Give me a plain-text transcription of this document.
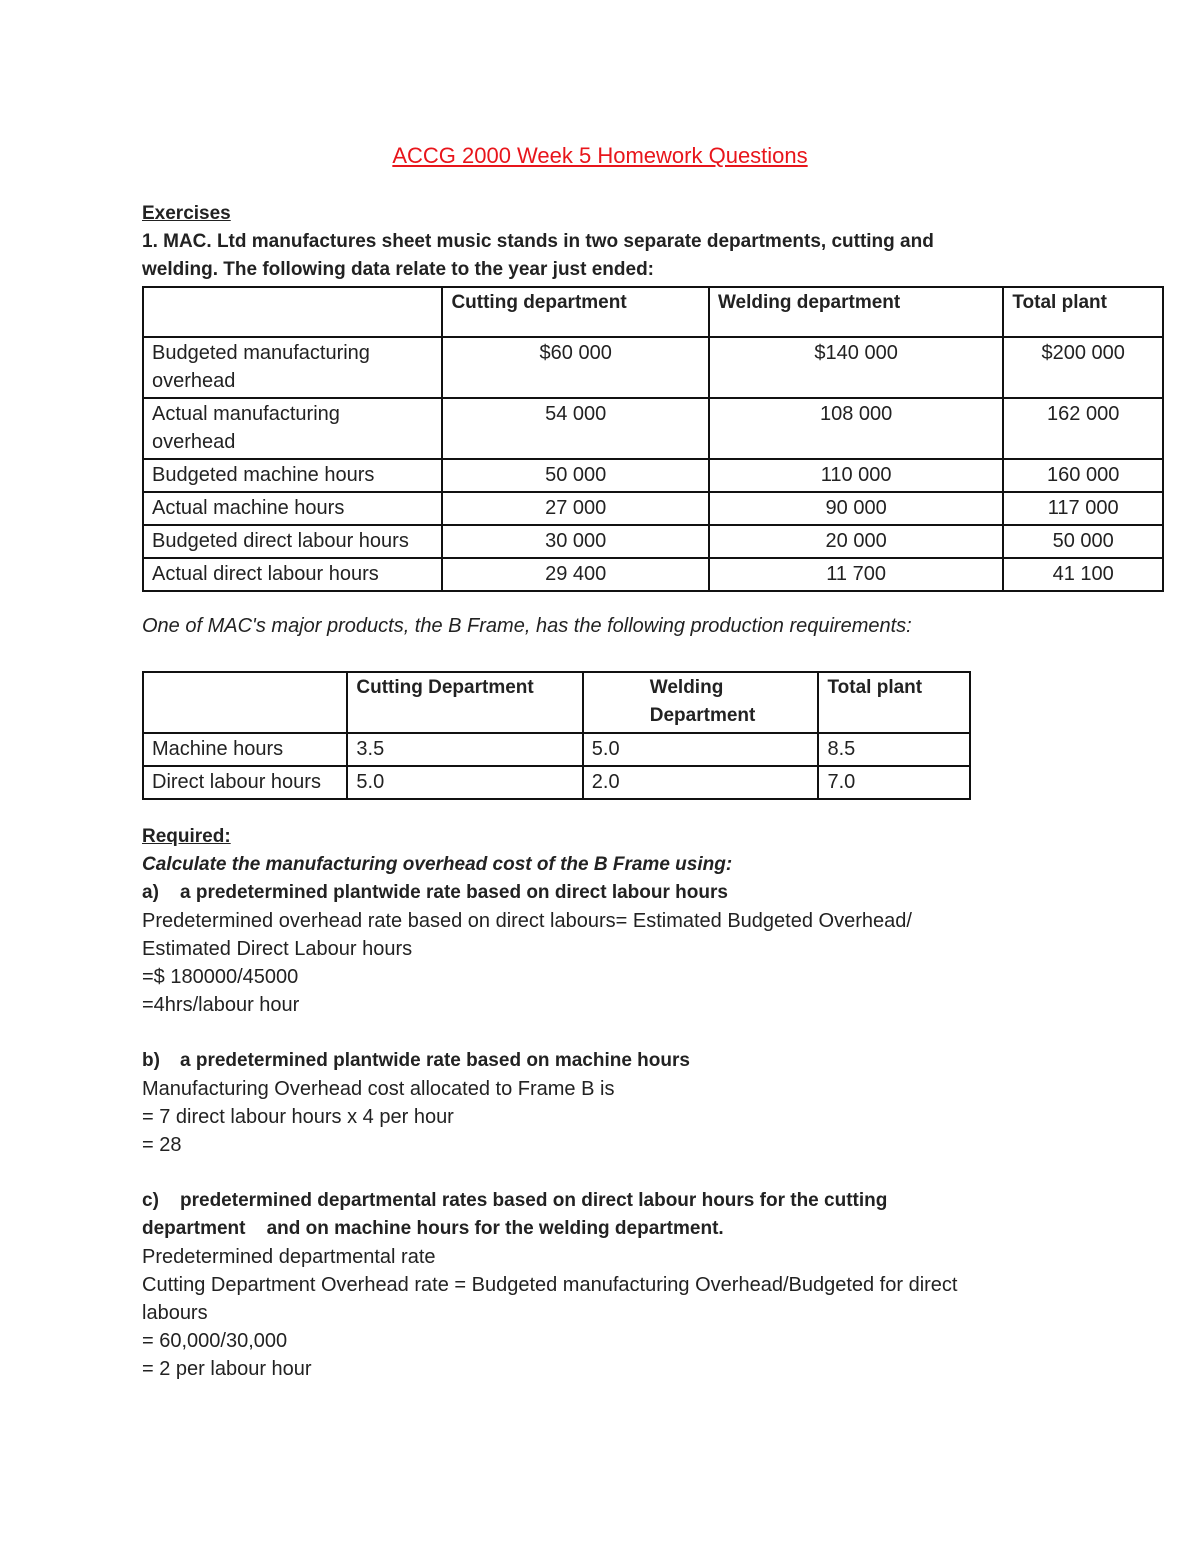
ACCG 2000 Week 5 Homework Questions
Exercises
1. MAC. Ltd manufactures sheet music stands in two separate departments, cutting and
welding. The following data relate to the year just ended:
	Cutting department	Welding department	Total plant

Budgeted manufacturing
overhead	$60 000	$140 000	$200 000

Actual manufacturing
overhead	54 000	108 000	162 000
Budgeted machine hours	50 000	110 000	160 000
Actual machine hours	27 000	90 000	117 000
Budgeted direct labour hours	30 000	20 000	50 000
Actual direct labour hours	29 400	11 700	41 100
One of MAC's major products, the B Frame, has the following production requirements:
	Cutting Department	Welding
Department	Total plant
Machine hours	3.5	5.0	8.5
Direct labour hours	5.0	2.0	7.0
Required:
Calculate the manufacturing overhead cost of the B Frame using:
a) a predetermined plantwide rate based on direct labour hours
Predetermined overhead rate based on direct labours= Estimated Budgeted Overhead/
Estimated Direct Labour hours
=$ 180000/45000
=4hrs/labour hour
b) a predetermined plantwide rate based on machine hours
Manufacturing Overhead cost allocated to Frame B is
= 7 direct labour hours x 4 per hour
= 28
c) predetermined departmental rates based on direct labour hours for the cutting
department    and on machine hours for the welding department.
Predetermined departmental rate
Cutting Department Overhead rate = Budgeted manufacturing Overhead/Budgeted for direct
labours
= 60,000/30,000
= 2 per labour hour
